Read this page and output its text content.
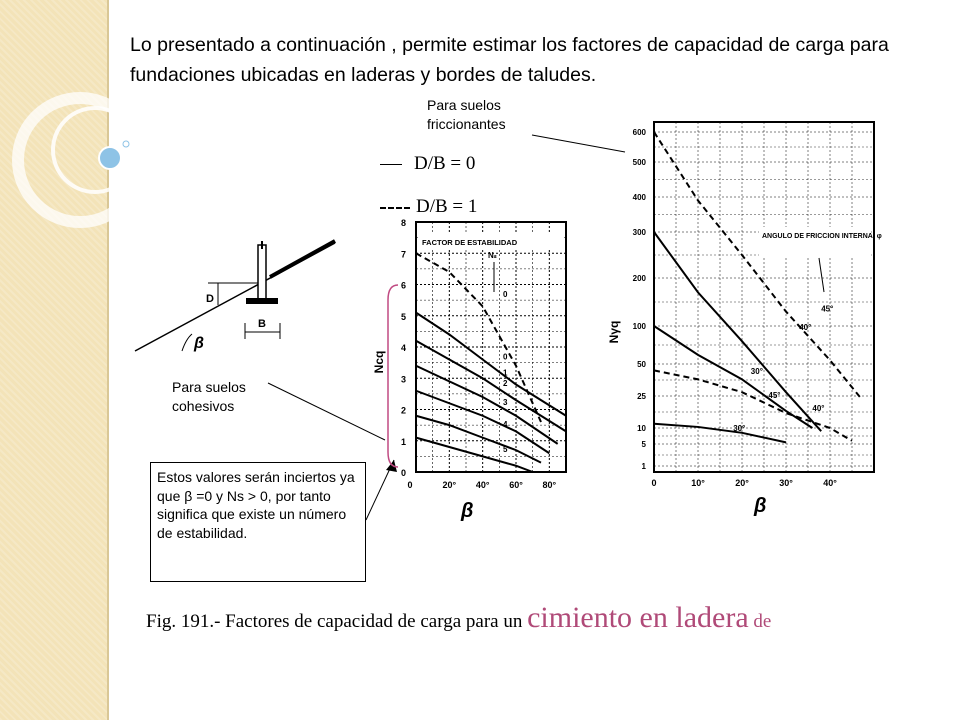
Lo presentado a continuación , permite estimar los factores de capacidad de carga para fundaciones ubicadas en laderas y bordes de taludes.
Para suelos
friccionantes
D/B = 0
D/B = 1
Para suelos
cohesivos
Estos valores serán inciertos ya que β =0 y Ns > 0, por tanto significa que existe un número de estabilidad.
Fig. 191.- Factores de capacidad de carga para un cimiento en ladera de
D
B
β
0
1
2
3
4
5
6
7
8
0	20° 40° 60° 80°
Ncq
β
FACTOR DE ESTABILIDAD
Nₛ
0
0
1
2
3
4
5
1
5
10
25
50
100
200
300
400
500
600
0	10°	20°	30°	40°
Nγq
β
ANGULO DE FRICCION INTERNA, φ
45°
40°
30°
45°
40°
30°
